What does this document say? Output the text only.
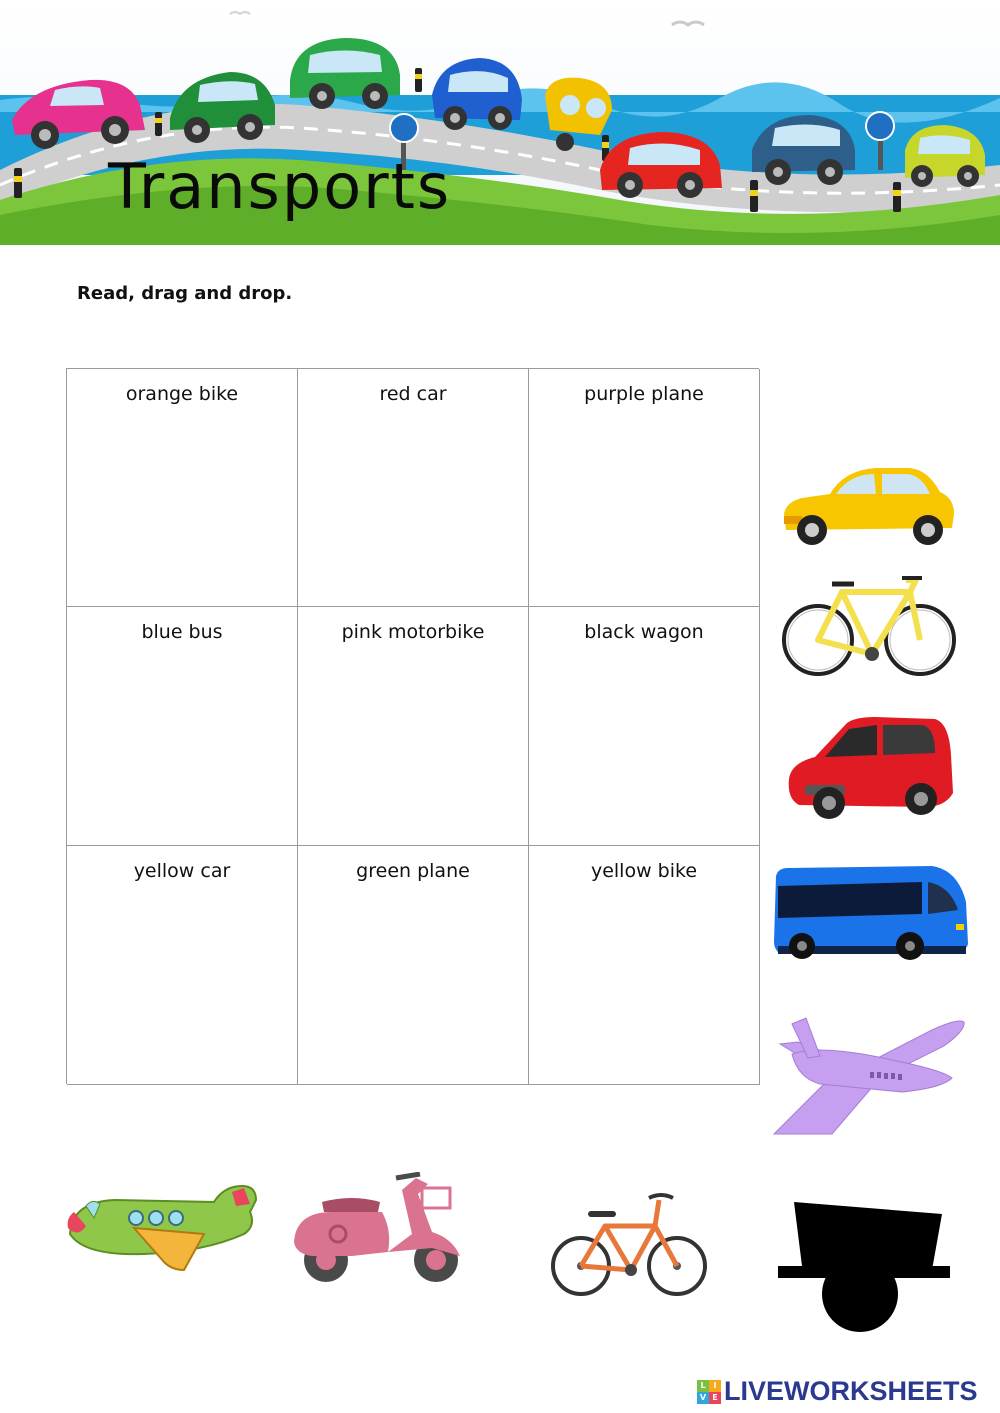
Transports

Read, drag and drop.

orange bike	red car	purple plane
blue bus	pink motorbike	black wagon
yellow car	green plane	yellow bike
L I
V E LIVEWORKSHEETS
